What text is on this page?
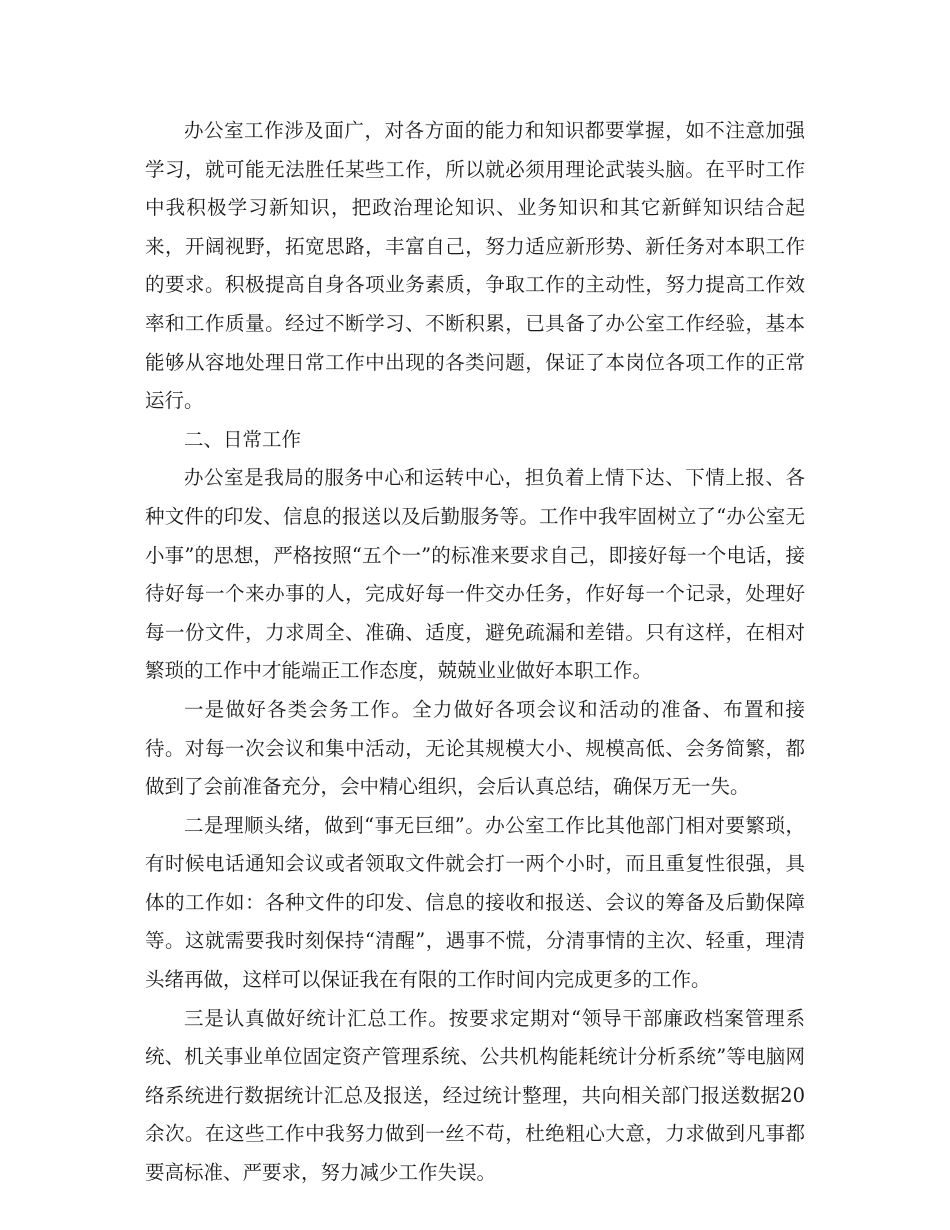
办公室工作涉及面广，对各方面的能力和知识都要掌握，如不注意加强学习，就可能无法胜任某些工作，所以就必须用理论武装头脑。在平时工作中我积极学习新知识，把政治理论知识、业务知识和其它新鲜知识结合起来，开阔视野，拓宽思路，丰富自己，努力适应新形势、新任务对本职工作的要求。积极提高自身各项业务素质，争取工作的主动性，努力提高工作效率和工作质量。经过不断学习、不断积累，已具备了办公室工作经验，基本能够从容地处理日常工作中出现的各类问题，保证了本岗位各项工作的正常运行。

二、日常工作

办公室是我局的服务中心和运转中心，担负着上情下达、下情上报、各种文件的印发、信息的报送以及后勤服务等。工作中我牢固树立了“办公室无小事”的思想，严格按照“五个一”的标准来要求自己，即接好每一个电话，接待好每一个来办事的人，完成好每一件交办任务，作好每一个记录，处理好每一份文件，力求周全、准确、适度，避免疏漏和差错。只有这样，在相对繁琐的工作中才能端正工作态度，兢兢业业做好本职工作。

一是做好各类会务工作。全力做好各项会议和活动的准备、布置和接待。对每一次会议和集中活动，无论其规模大小、规模高低、会务简繁，都做到了会前准备充分，会中精心组织，会后认真总结，确保万无一失。

二是理顺头绪，做到“事无巨细”。办公室工作比其他部门相对要繁琐，有时候电话通知会议或者领取文件就会打一两个小时，而且重复性很强，具体的工作如：各种文件的印发、信息的接收和报送、会议的筹备及后勤保障等。这就需要我时刻保持“清醒”，遇事不慌，分清事情的主次、轻重，理清头绪再做，这样可以保证我在有限的工作时间内完成更多的工作。

三是认真做好统计汇总工作。按要求定期对“领导干部廉政档案管理系统、机关事业单位固定资产管理系统、公共机构能耗统计分析系统”等电脑网络系统进行数据统计汇总及报送，经过统计整理，共向相关部门报送数据20余次。在这些工作中我努力做到一丝不苟，杜绝粗心大意，力求做到凡事都要高标准、严要求，努力减少工作失误。
